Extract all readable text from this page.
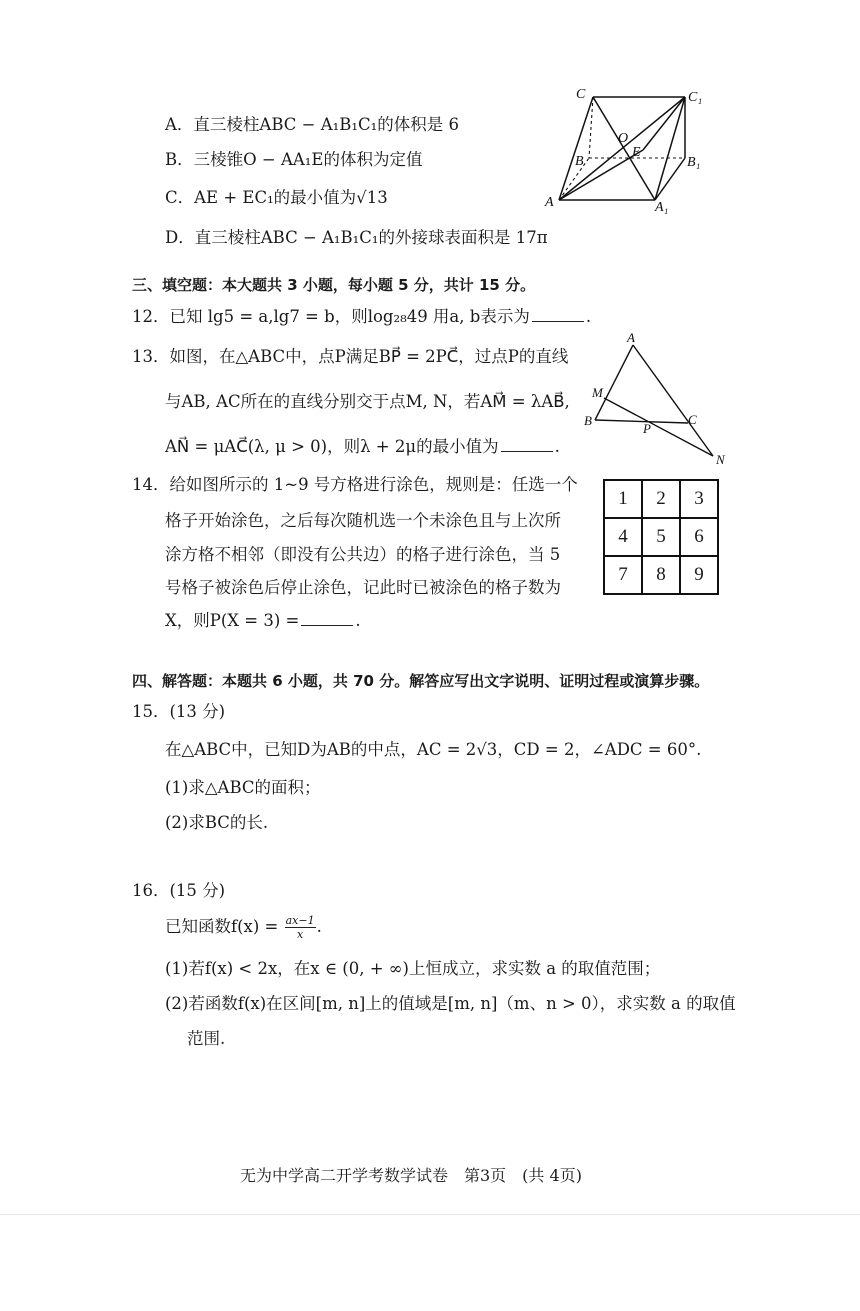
A．直三棱柱ABC − A₁B₁C₁的体积是 6
B．三棱锥O − AA₁E的体积为定值
C．AE + EC₁的最小值为√13
D．直三棱柱ABC − A₁B₁C₁的外接球表面积是 17π
C	C₁
O
E
B	B₁
A	A₁
三、填空题：本大题共 3 小题，每小题 5 分，共计 15 分。
12．已知 lg5 = a,lg7 = b，则log₂₈49 用a, b表示为	.
13．如图，在△ABC中，点P满足BP⃗ = 2PC⃗，过点P的直线
与AB, AC所在的直线分别交于点M, N，若AM⃗ = λAB⃗,
AN⃗ = μAC⃗(λ, μ > 0)，则λ + 2μ的最小值为	.
A
M
B
P
C
N
14．给如图所示的 1~9 号方格进行涂色，规则是：任选一个
格子开始涂色，之后每次随机选一个未涂色且与上次所
涂方格不相邻（即没有公共边）的格子进行涂色，当 5
号格子被涂色后停止涂色，记此时已被涂色的格子数为
X，则P(X = 3) =	.
1	2	3
4	5	6
7	8	9
四、解答题：本题共 6 小题，共 70 分。解答应写出文字说明、证明过程或演算步骤。
15．(13 分)
在△ABC中，已知D为AB的中点，AC = 2√3，CD = 2，∠ADC = 60°.
(1)求△ABC的面积；
(2)求BC的长.
16．(15 分)
已知函数$f(x) = \frac{ax-1}{x}$ .
(1)若f(x) < 2x，在x ∈ (0, + ∞)上恒成立，求实数 a 的取值范围；
(2)若函数f(x)在区间[m, n]上的值域是[m, n]（m、n > 0），求实数 a 的取值
范围.
无为中学高二开学考数学试卷　第3页　(共 4页)
